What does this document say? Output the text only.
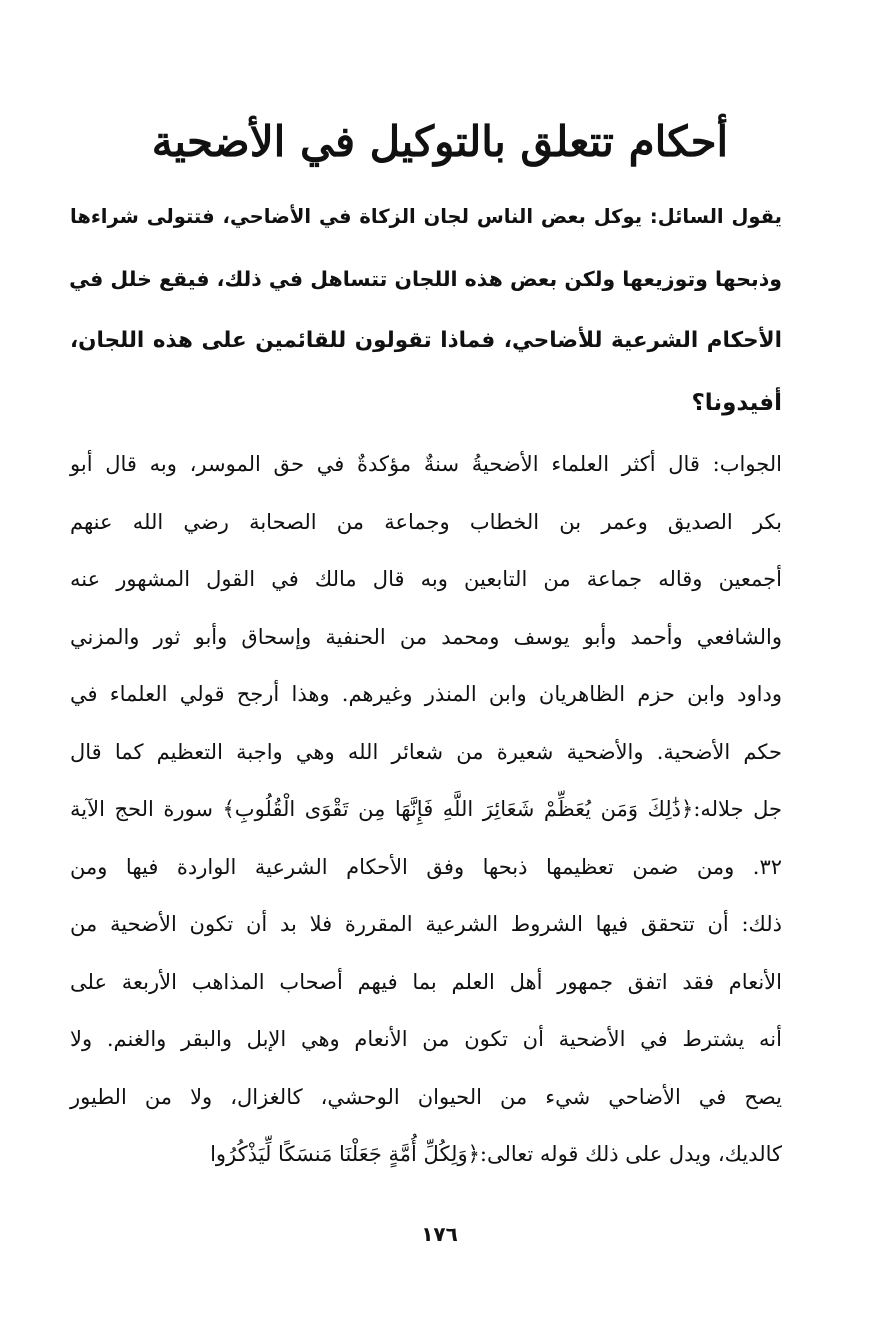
أحكام تتعلق بالتوكيل في الأضحية
يقول السائل: يوكل بعض الناس لجان الزكاة في الأضاحي، فتتولى شراءها
وذبحها وتوزيعها ولكن بعض هذه اللجان تتساهل في ذلك، فيقع خلل في
الأحكام الشرعية للأضاحي، فماذا تقولون للقائمين على هذه اللجان،
أفيدونا؟
الجواب: قال أكثر العلماء الأضحيةُ سنةٌ مؤكدةٌ في حق الموسر، وبه قال أبو
بكر الصديق وعمر بن الخطاب وجماعة من الصحابة رضي الله عنهم
أجمعين وقاله جماعة من التابعين وبه قال مالك في القول المشهور عنه
والشافعي وأحمد وأبو يوسف ومحمد من الحنفية وإسحاق وأبو ثور والمزني
وداود وابن حزم الظاهريان وابن المنذر وغيرهم. وهذا أرجح قولي العلماء في
حكم الأضحية. والأضحية شعيرة من شعائر الله وهي واجبة التعظيم كما قال
جل جلاله:﴿ذَٰلِكَ وَمَن يُعَظِّمْ شَعَائِرَ اللَّهِ فَإِنَّهَا مِن تَقْوَى الْقُلُوبِ﴾ سورة الحج الآية
٣٢. ومن ضمن تعظيمها ذبحها وفق الأحكام الشرعية الواردة فيها ومن
ذلك: أن تتحقق فيها الشروط الشرعية المقررة فلا بد أن تكون الأضحية من
الأنعام فقد اتفق جمهور أهل العلم بما فيهم أصحاب المذاهب الأربعة على
أنه يشترط في الأضحية أن تكون من الأنعام وهي الإبل والبقر والغنم. ولا
يصح في الأضاحي شيء من الحيوان الوحشي، كالغزال، ولا من الطيور
كالديك، ويدل على ذلك قوله تعالى:﴿وَلِكُلِّ أُمَّةٍ جَعَلْنَا مَنسَكًا لِّيَذْكُرُوا
١٧٦
